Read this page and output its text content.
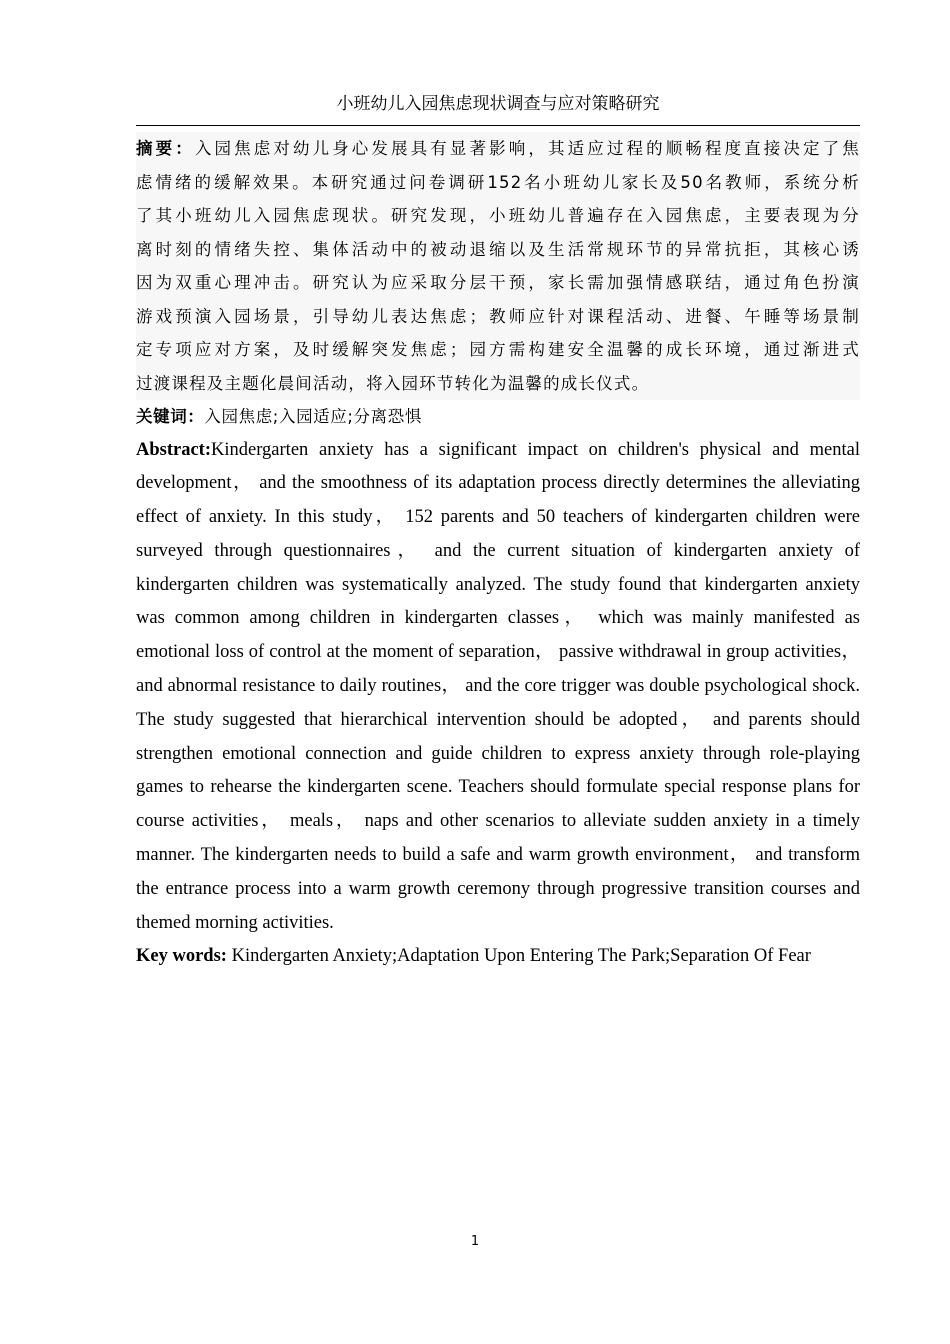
小班幼儿入园焦虑现状调查与应对策略研究
摘要：入园焦虑对幼儿身心发展具有显著影响，其适应过程的顺畅程度直接决定了焦
虑情绪的缓解效果。本研究通过问卷调研152名小班幼儿家长及50名教师，系统分析
了其小班幼儿入园焦虑现状。研究发现，小班幼儿普遍存在入园焦虑，主要表现为分
离时刻的情绪失控、集体活动中的被动退缩以及生活常规环节的异常抗拒，其核心诱
因为双重心理冲击。研究认为应采取分层干预，家长需加强情感联结，通过角色扮演
游戏预演入园场景，引导幼儿表达焦虑；教师应针对课程活动、进餐、午睡等场景制
定专项应对方案，及时缓解突发焦虑；园方需构建安全温馨的成长环境，通过渐进式
过渡课程及主题化晨间活动，将入园环节转化为温馨的成长仪式。
关键词：入园焦虑;入园适应;分离恐惧
Abstract:Kindergarten anxiety has a significant impact on children's physical and mental development， and the smoothness of its adaptation process directly determines the alleviating effect of anxiety. In this study， 152 parents and 50 teachers of kindergarten children were surveyed through questionnaires， and the current situation of kindergarten anxiety of kindergarten children was systematically analyzed. The study found that kindergarten anxiety was common among children in kindergarten classes， which was mainly manifested as emotional loss of control at the moment of separation， passive withdrawal in group activities， and abnormal resistance to daily routines， and the core trigger was double psychological shock. The study suggested that hierarchical intervention should be adopted， and parents should strengthen emotional connection and guide children to express anxiety through role-playing games to rehearse the kindergarten scene. Teachers should formulate special response plans for course activities， meals， naps and other scenarios to alleviate sudden anxiety in a timely manner. The kindergarten needs to build a safe and warm growth environment， and transform the entrance process into a warm growth ceremony through progressive transition courses and themed morning activities.
Key words: Kindergarten Anxiety;Adaptation Upon Entering The Park;Separation Of Fear
1
